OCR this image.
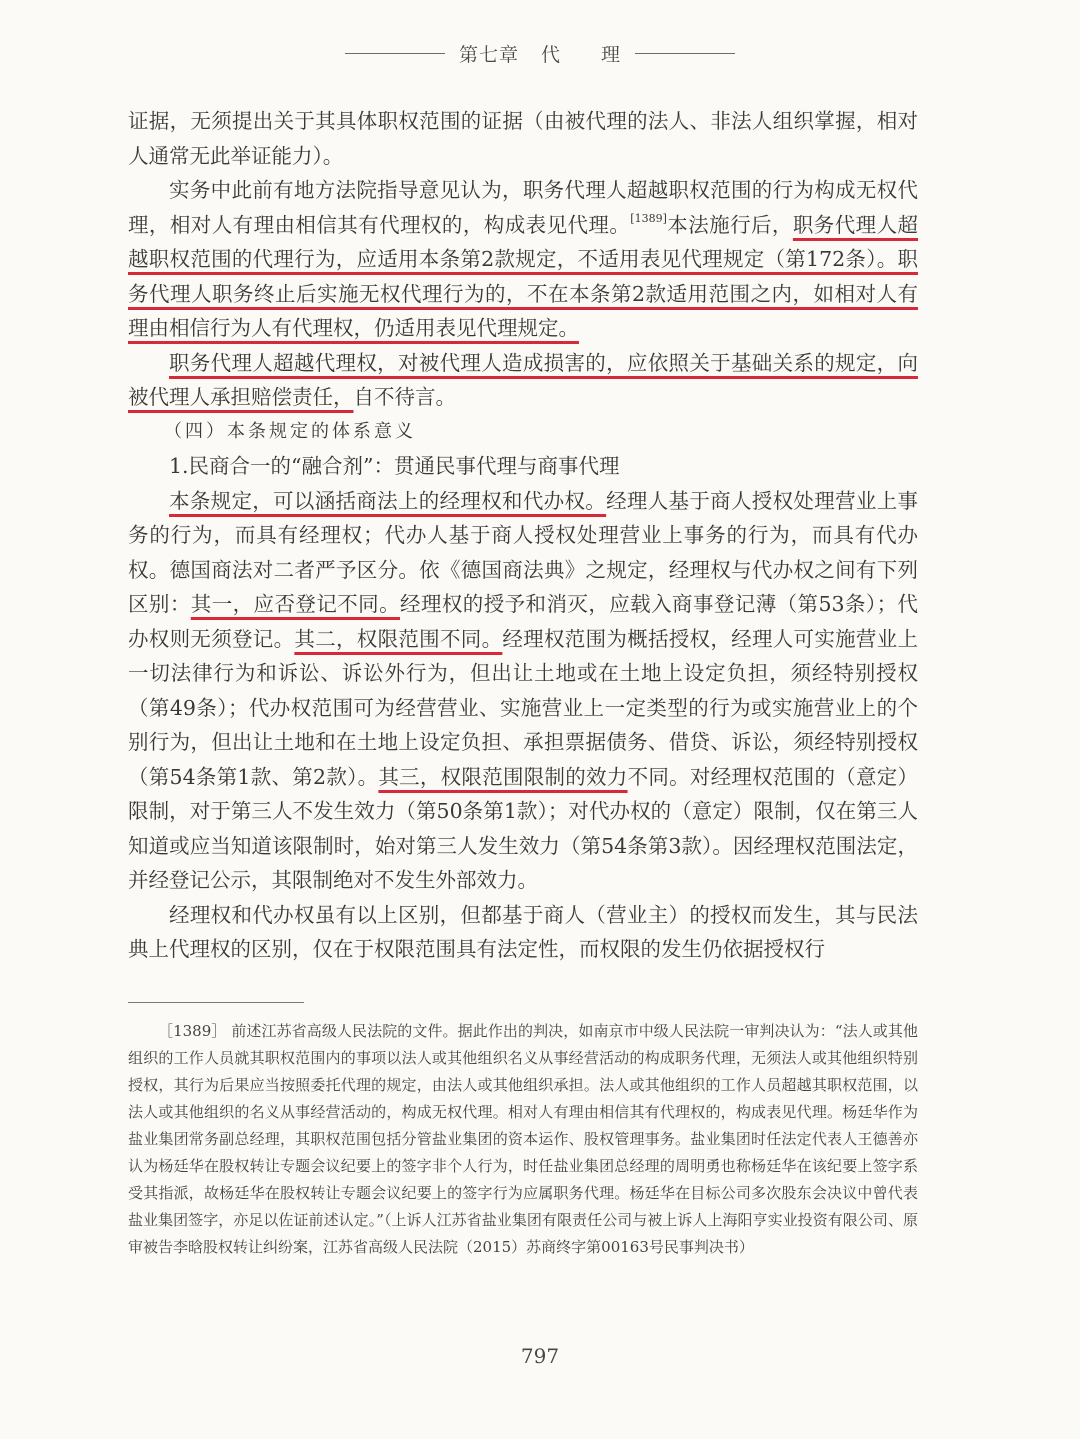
第七章 代 理

证据，无须提出关于其具体职权范围的证据（由被代理的法人、非法人组织掌握，相对人通常无此举证能力）。

实务中此前有地方法院指导意见认为，职务代理人超越职权范围的行为构成无权代理，相对人有理由相信其有代理权的，构成表见代理。[1389]本法施行后，职务代理人超越职权范围的代理行为，应适用本条第2款规定，不适用表见代理规定（第172条）。职务代理人职务终止后实施无权代理行为的，不在本条第2款适用范围之内，如相对人有理由相信行为人有代理权，仍适用表见代理规定。

职务代理人超越代理权，对被代理人造成损害的，应依照关于基础关系的规定，向被代理人承担赔偿责任，自不待言。

（四）本条规定的体系意义

1.民商合一的“融合剂”：贯通民事代理与商事代理

本条规定，可以涵括商法上的经理权和代办权。经理人基于商人授权处理营业上事务的行为，而具有经理权；代办人基于商人授权处理营业上事务的行为，而具有代办权。德国商法对二者严予区分。依《德国商法典》之规定，经理权与代办权之间有下列区别：其一，应否登记不同。经理权的授予和消灭，应载入商事登记薄（第53条）；代办权则无须登记。其二，权限范围不同。经理权范围为概括授权，经理人可实施营业上一切法律行为和诉讼、诉讼外行为，但出让土地或在土地上设定负担，须经特别授权（第49条）；代办权范围可为经营营业、实施营业上一定类型的行为或实施营业上的个别行为，但出让土地和在土地上设定负担、承担票据债务、借贷、诉讼，须经特别授权（第54条第1款、第2款）。其三，权限范围限制的效力不同。对经理权范围的（意定）限制，对于第三人不发生效力（第50条第1款）；对代办权的（意定）限制，仅在第三人知道或应当知道该限制时，始对第三人发生效力（第54条第3款）。因经理权范围法定，并经登记公示，其限制绝对不发生外部效力。

经理权和代办权虽有以上区别，但都基于商人（营业主）的授权而发生，其与民法典上代理权的区别，仅在于权限范围具有法定性，而权限的发生仍依据授权行

［1389］ 前述江苏省高级人民法院的文件。据此作出的判决，如南京市中级人民法院一审判决认为：“法人或其他组织的工作人员就其职权范围内的事项以法人或其他组织名义从事经营活动的构成职务代理，无须法人或其他组织特别授权，其行为后果应当按照委托代理的规定，由法人或其他组织承担。法人或其他组织的工作人员超越其职权范围，以法人或其他组织的名义从事经营活动的，构成无权代理。相对人有理由相信其有代理权的，构成表见代理。杨廷华作为盐业集团常务副总经理，其职权范围包括分管盐业集团的资本运作、股权管理事务。盐业集团时任法定代表人王德善亦认为杨廷华在股权转让专题会议纪要上的签字非个人行为，时任盐业集团总经理的周明勇也称杨廷华在该纪要上签字系受其指派，故杨廷华在股权转让专题会议纪要上的签字行为应属职务代理。杨廷华在目标公司多次股东会决议中曾代表盐业集团签字，亦足以佐证前述认定。”（上诉人江苏省盐业集团有限责任公司与被上诉人上海阳亨实业投资有限公司、原审被告李晗股权转让纠纷案，江苏省高级人民法院（2015）苏商终字第00163号民事判决书）

797
